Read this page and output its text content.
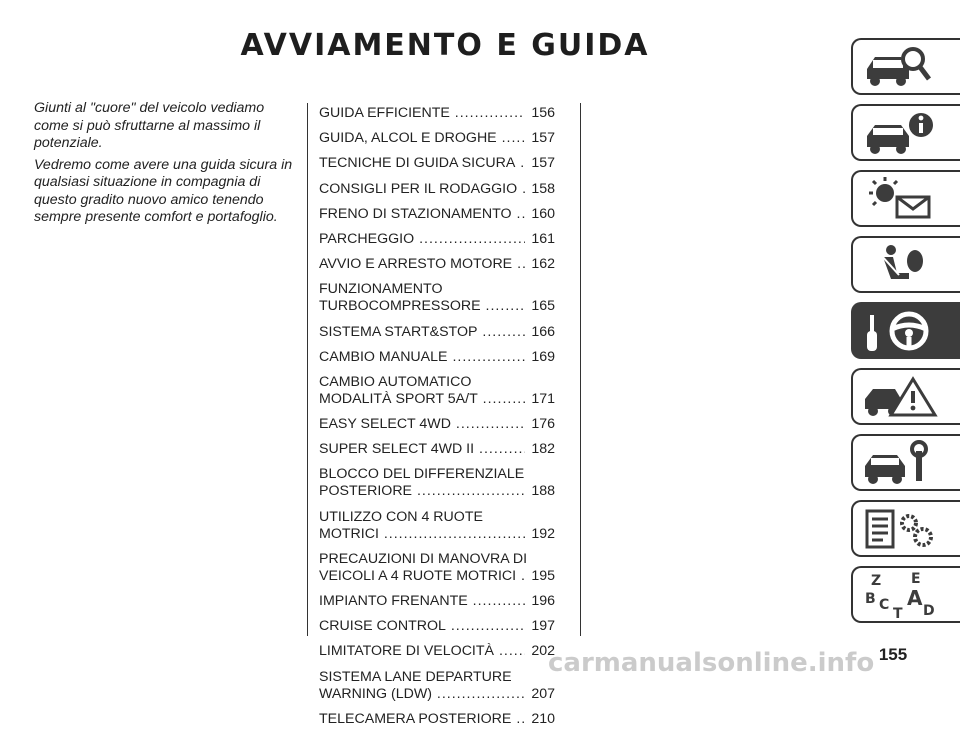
AVVIAMENTO E GUIDA

Giunti al "cuore" del veicolo vediamo come si può sfruttarne al massimo il potenziale.

Vedremo come avere una guida sicura in qualsiasi situazione in compagnia di questo gradito nuovo amico tenendo sempre presente comfort e portafoglio.

GUIDA EFFICIENTE .....	156
GUIDA, ALCOL E DROGHE .....	157
TECNICHE DI GUIDA SICURA .....	157
CONSIGLI PER IL RODAGGIO ..... 158
FRENO DI STAZIONAMENTO .....	160
PARCHEGGIO .....	161
AVVIO E ARRESTO MOTORE .....	162
FUNZIONAMENTO
TURBOCOMPRESSORE .....	165
SISTEMA START&STOP .....	166
CAMBIO MANUALE .....	169
CAMBIO AUTOMATICO
MODALITÀ SPORT 5A/T .....	171
EASY SELECT 4WD .....	176
SUPER SELECT 4WD II .....	182
BLOCCO DEL DIFFERENZIALE
POSTERIORE .....	188
UTILIZZO CON 4 RUOTE
MOTRICI .....	192
PRECAUZIONI DI MANOVRA DI
VEICOLI A 4 RUOTE MOTRICI .....	195
IMPIANTO FRENANTE .....	196
CRUISE CONTROL .....	197
LIMITATORE DI VELOCITÀ .....	202
SISTEMA LANE DEPARTURE
WARNING (LDW) .....	207
TELECAMERA POSTERIORE .....	210
Z E
B A
C D
T
carmanualsonline.info 155
